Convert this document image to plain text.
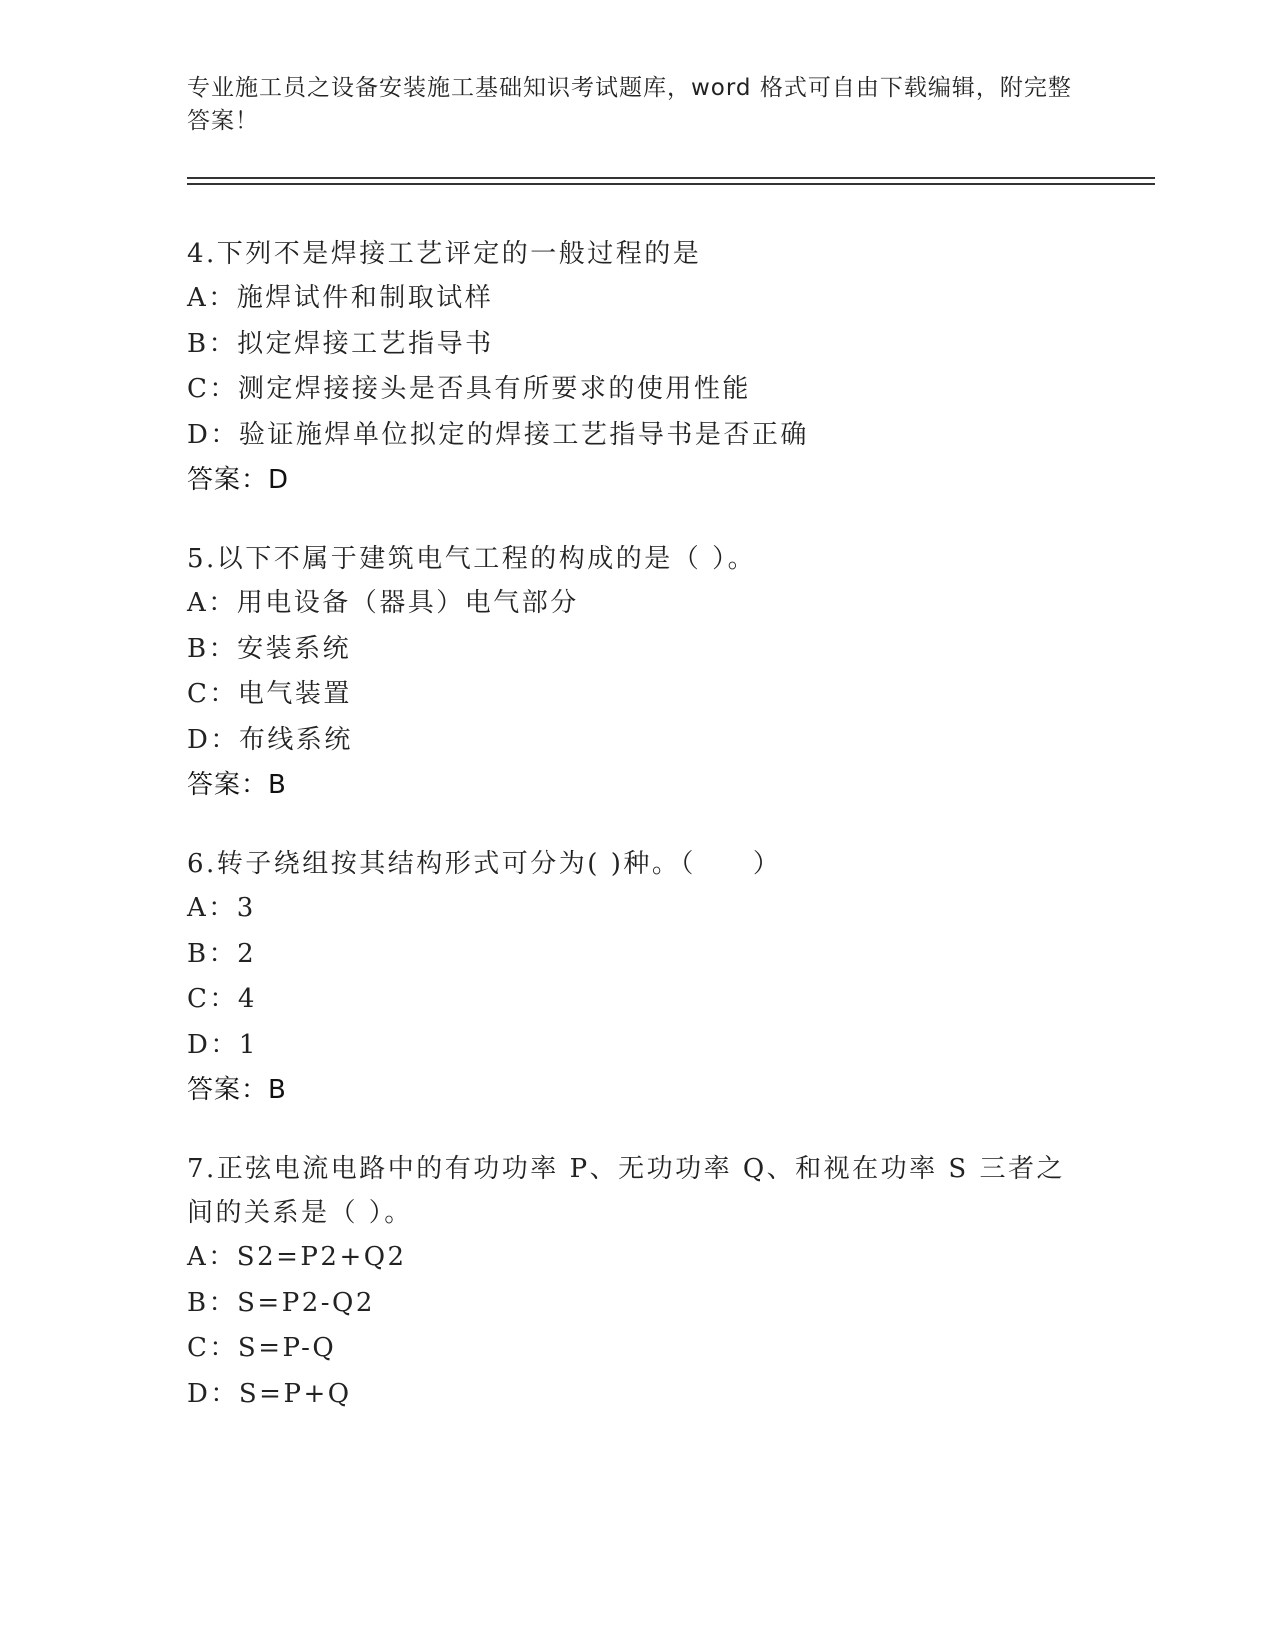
专业施工员之设备安装施工基础知识考试题库，word 格式可自由下载编辑，附完整答案！
4.下列不是焊接工艺评定的一般过程的是
A：施焊试件和制取试样
B：拟定焊接工艺指导书
C：测定焊接接头是否具有所要求的使用性能
D：验证施焊单位拟定的焊接工艺指导书是否正确
答案：D
5.以下不属于建筑电气工程的构成的是（ ）。
A：用电设备（器具）电气部分
B：安装系统
C：电气装置
D：布线系统
答案：B
6.转子绕组按其结构形式可分为( )种。（　　）
A：3
B：2
C：4
D：1
答案：B
7.正弦电流电路中的有功功率 P、无功功率 Q、和视在功率 S 三者之间的关系是（ ）。
A：S2=P2+Q2
B：S=P2-Q2
C：S=P-Q
D：S=P+Q
